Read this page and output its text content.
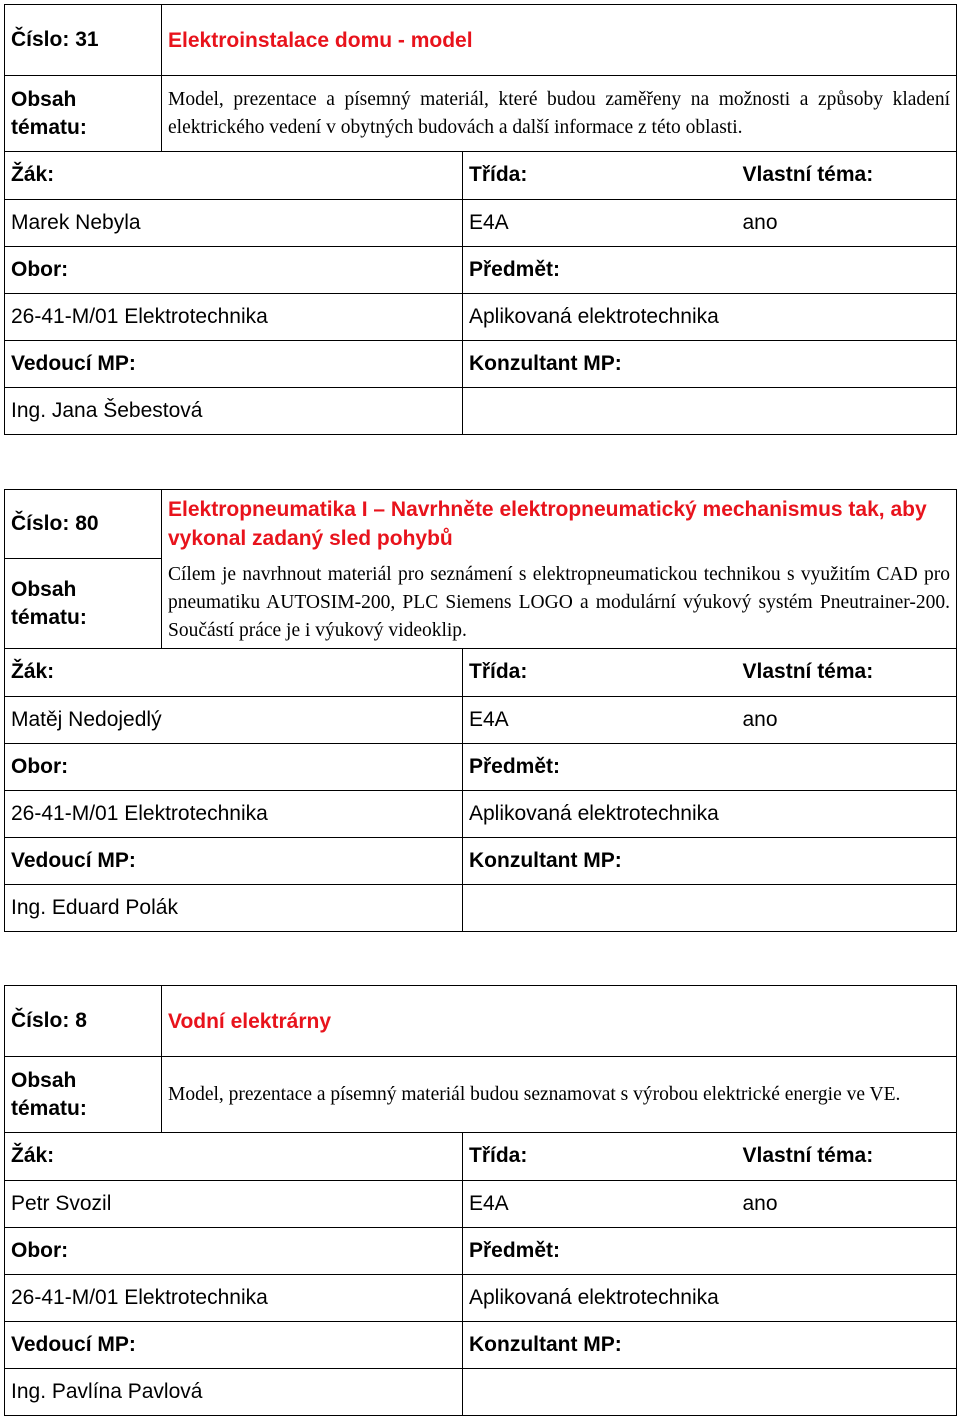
Číslo: 31	Elektroinstalace domu - model
Obsah tématu:	Model, prezentace a písemný materiál, které budou zaměřeny na možnosti a způsoby kladení elektrického vedení v obytných budovách a další informace z této oblasti.
Žák:	Třída:	Vlastní téma:
Marek Nebyla	E4A	ano
Obor:	Předmět:	
26-41-M/01 Elektrotechnika	Aplikovaná elektrotechnika	
Vedoucí MP:	Konzultant MP:	
Ing. Jana Šebestová		
Číslo: 80	Elektropneumatika I – Navrhněte elektropneumatický mechanismus tak, aby vykonal zadaný sled pohybů
Obsah tématu:	Cílem je navrhnout materiál pro seznámení s elektropneumatickou technikou s využitím CAD pro pneumatiku AUTOSIM-200, PLC Siemens LOGO a modulární výukový systém Pneutrainer-200. Součástí práce je i výukový videoklip.
Žák:	Třída:	Vlastní téma:
Matěj Nedojedlý	E4A	ano
Obor:	Předmět:	
26-41-M/01 Elektrotechnika	Aplikovaná elektrotechnika	
Vedoucí MP:	Konzultant MP:	
Ing. Eduard Polák		
Číslo: 8	Vodní elektrárny
Obsah tématu:	Model, prezentace a písemný materiál budou seznamovat s výrobou elektrické energie ve VE.
Žák:	Třída:	Vlastní téma:
Petr Svozil	E4A	ano
Obor:	Předmět:	
26-41-M/01 Elektrotechnika	Aplikovaná elektrotechnika	
Vedoucí MP:	Konzultant MP:	
Ing. Pavlína Pavlová		
